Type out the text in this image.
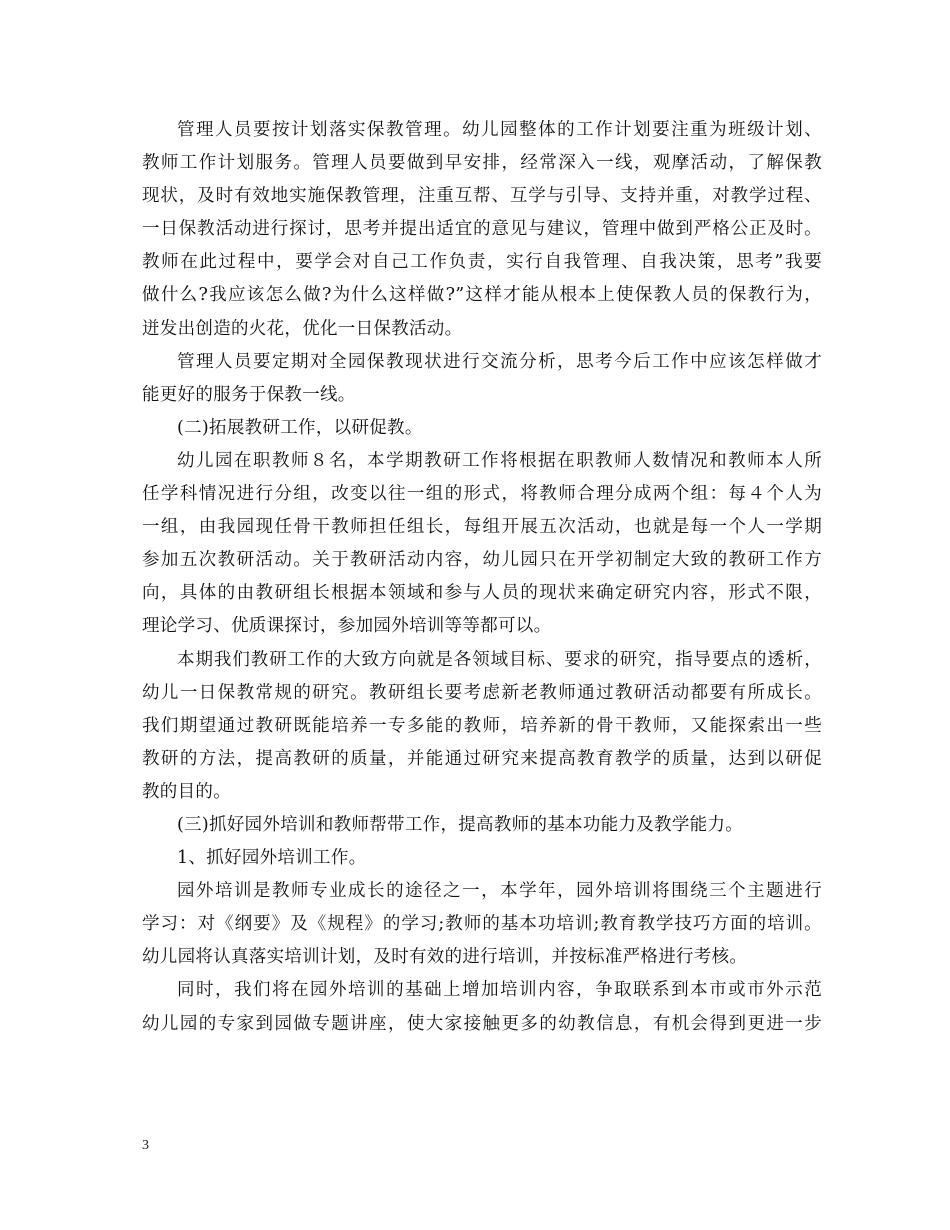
管理人员要按计划落实保教管理。幼儿园整体的工作计划要注重为班级计划、
教师工作计划服务。管理人员要做到早安排，经常深入一线，观摩活动，了解保教
现状，及时有效地实施保教管理，注重互帮、互学与引导、支持并重，对教学过程、
一日保教活动进行探讨，思考并提出适宜的意见与建议，管理中做到严格公正及时。
教师在此过程中，要学会对自己工作负责，实行自我管理、自我决策，思考”我要
做什么?我应该怎么做?为什么这样做?”这样才能从根本上使保教人员的保教行为，
迸发出创造的火花，优化一日保教活动。
管理人员要定期对全园保教现状进行交流分析，思考今后工作中应该怎样做才
能更好的服务于保教一线。
(二)拓展教研工作，以研促教。
幼儿园在职教师８名，本学期教研工作将根据在职教师人数情况和教师本人所
任学科情况进行分组，改变以往一组的形式，将教师合理分成两个组：每４个人为
一组，由我园现任骨干教师担任组长，每组开展五次活动，也就是每一个人一学期
参加五次教研活动。关于教研活动内容，幼儿园只在开学初制定大致的教研工作方
向，具体的由教研组长根据本领域和参与人员的现状来确定研究内容，形式不限，
理论学习、优质课探讨，参加园外培训等等都可以。
本期我们教研工作的大致方向就是各领域目标、要求的研究，指导要点的透析，
幼儿一日保教常规的研究。教研组长要考虑新老教师通过教研活动都要有所成长。
我们期望通过教研既能培养一专多能的教师，培养新的骨干教师，又能探索出一些
教研的方法，提高教研的质量，并能通过研究来提高教育教学的质量，达到以研促
教的目的。
(三)抓好园外培训和教师帮带工作，提高教师的基本功能力及教学能力。
1、抓好园外培训工作。
园外培训是教师专业成长的途径之一，本学年，园外培训将围绕三个主题进行
学习：对《纲要》及《规程》的学习;教师的基本功培训;教育教学技巧方面的培训。
幼儿园将认真落实培训计划，及时有效的进行培训，并按标准严格进行考核。
同时，我们将在园外培训的基础上增加培训内容，争取联系到本市或市外示范
幼儿园的专家到园做专题讲座，使大家接触更多的幼教信息，有机会得到更进一步
3
